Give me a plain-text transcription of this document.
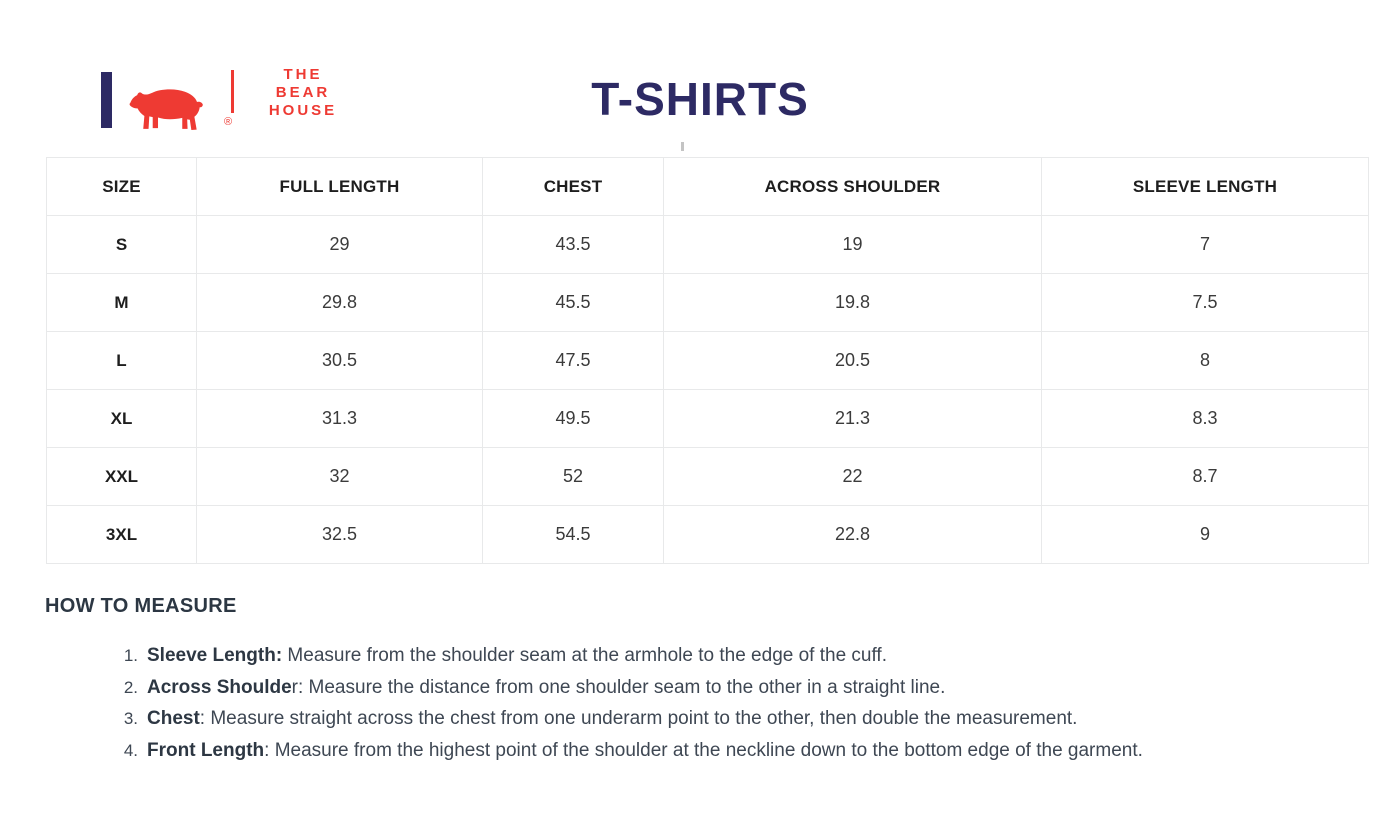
®
THE
BEAR
HOUSE	T-SHIRTS
SIZE	FULL LENGTH	CHEST	ACROSS SHOULDER	SLEEVE LENGTH
S	29	43.5	19	7
M	29.8	45.5	19.8	7.5
L	30.5	47.5	20.5	8
XL	31.3	49.5	21.3	8.3
XXL	32	52	22	8.7
3XL	32.5	54.5	22.8	9
HOW TO MEASURE
1. Sleeve Length: Measure from the shoulder seam at the armhole to the edge of the cuff.
2. Across Shoulder: Measure the distance from one shoulder seam to the other in a straight line.
3. Chest: Measure straight across the chest from one underarm point to the other, then double the measurement.
4. Front Length: Measure from the highest point of the shoulder at the neckline down to the bottom edge of the garment.
